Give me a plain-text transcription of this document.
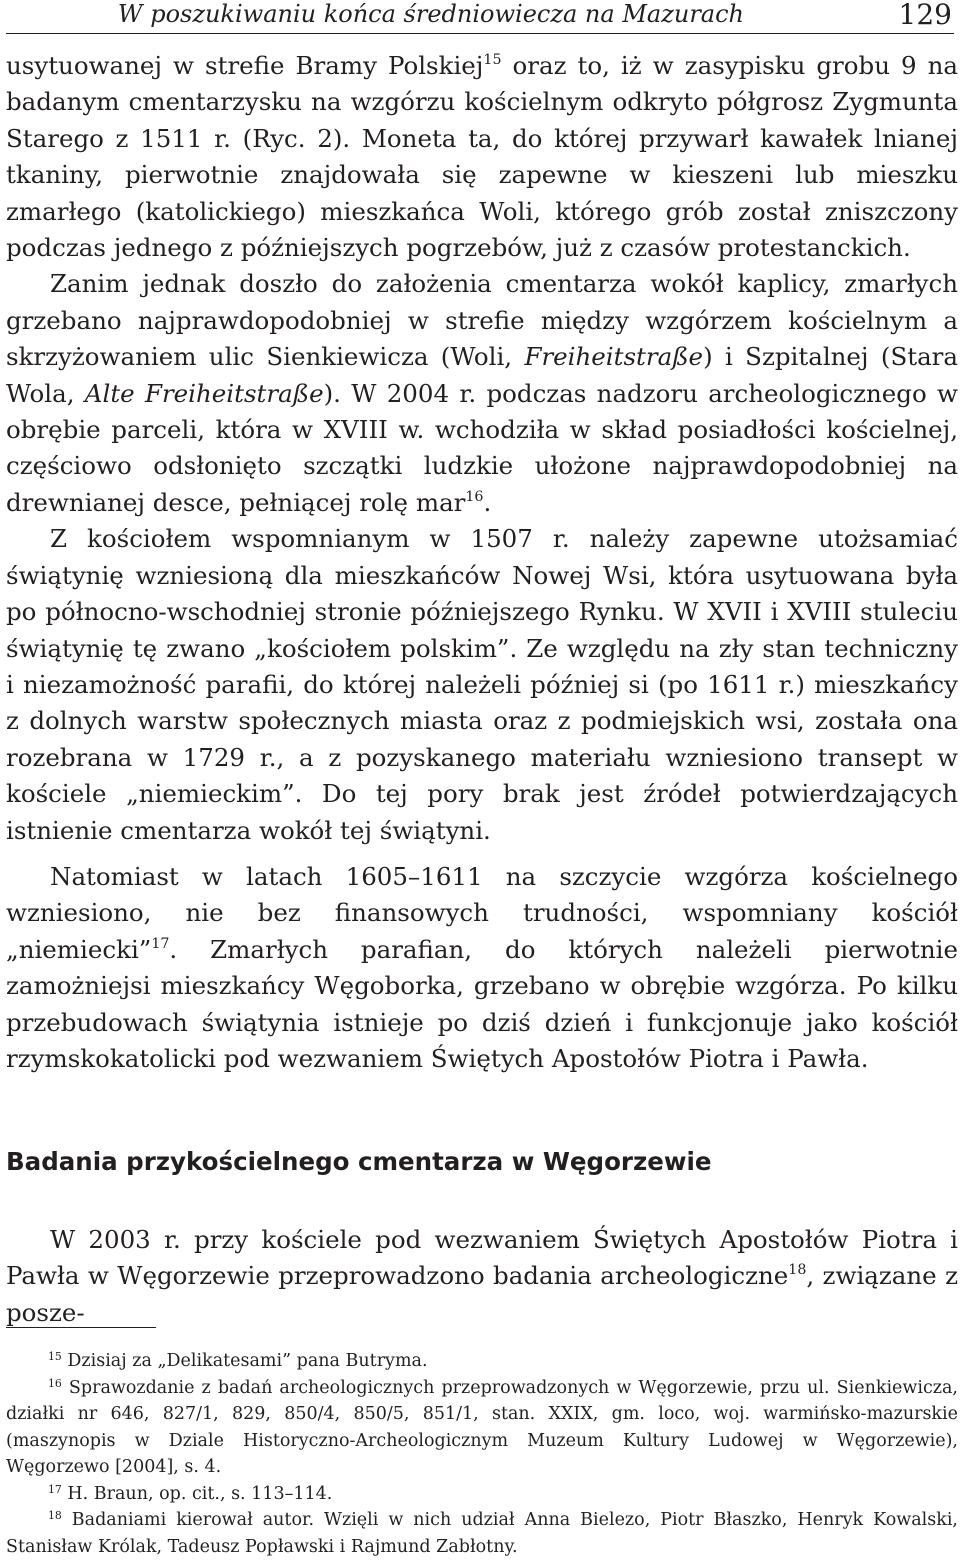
W poszukiwaniu końca średniowiecza na Mazurach	129

usytuowanej w strefie Bramy Polskiej$^{15}$ oraz to, iż w zasypisku grobu 9 na badanym cmentarzysku na wzgórzu kościelnym odkryto półgrosz Zygmunta Starego z 1511 r. (Ryc. 2). Moneta ta, do której przywarł kawałek lnianej tkaniny, pierwotnie znajdowała się zapewne w kieszeni lub mieszku zmarłego (katolickiego) mieszkańca Woli, którego grób został zniszczony podczas jednego z późniejszych pogrzebów, już z czasów protestanckich.

Zanim jednak doszło do założenia cmentarza wokół kaplicy, zmarłych grzebano najprawdopodobniej w strefie między wzgórzem kościelnym a skrzyżowaniem ulic Sienkiewicza (Woli, Freiheitstraße) i Szpitalnej (Stara Wola, Alte Freiheitstraße). W 2004 r. podczas nadzoru archeologicznego w obrębie parceli, która w XVIII w. wchodziła w skład posiadłości kościelnej, częściowo odsłonięto szczątki ludzkie ułożone najprawdopodobniej na drewnianej desce, pełniącej rolę mar$^{16}$.

Z kościołem wspomnianym w 1507 r. należy zapewne utożsamiać świątynię wzniesioną dla mieszkańców Nowej Wsi, która usytuowana była po północno-wschodniej stronie późniejszego Rynku. W XVII i XVIII stuleciu świątynię tę zwano „kościołem polskim”. Ze względu na zły stan techniczny i niezamożność parafii, do której należeli później si (po 1611 r.) mieszkańcy z dolnych warstw społecznych miasta oraz z podmiejskich wsi, została ona rozebrana w 1729 r., a z pozyskanego materiału wzniesiono transept w kościele „niemieckim”. Do tej pory brak jest źródeł potwierdzających istnienie cmentarza wokół tej świątyni.

Natomiast w latach 1605–1611 na szczycie wzgórza kościelnego wzniesiono, nie bez finansowych trudności, wspomniany kościół „niemiecki”$^{17}$. Zmarłych parafian, do których należeli pierwotnie zamożniejsi mieszkańcy Węgoborka, grzebano w obrębie wzgórza. Po kilku przebudowach świątynia istnieje po dziś dzień i funkcjonuje jako kościół rzymskokatolicki pod wezwaniem Świętych Apostołów Piotra i Pawła.

Badania przykościelnego cmentarza w Węgorzewie

W 2003 r. przy kościele pod wezwaniem Świętych Apostołów Piotra i Pawła w Węgorzewie przeprowadzono badania archeologiczne$^{18}$, związane z posze-

$^{15}$ Dzisiaj za „Delikatesami” pana Butryma.

$^{16}$ Sprawozdanie z badań archeologicznych przeprowadzonych w Węgorzewie, przu ul. Sienkiewicza, działki nr 646, 827/1, 829, 850/4, 850/5, 851/1, stan. XXIX, gm. loco, woj. warmińsko-mazurskie (maszynopis w Dziale Historyczno-Archeologicznym Muzeum Kultury Ludowej w Węgorzewie), Węgorzewo [2004], s. 4.

$^{17}$ H. Braun, op. cit., s. 113–114.

$^{18}$ Badaniami kierował autor. Wzięli w nich udział Anna Bielezo, Piotr Błaszko, Henryk Kowalski, Stanisław Królak, Tadeusz Popławski i Rajmund Zabłotny.
